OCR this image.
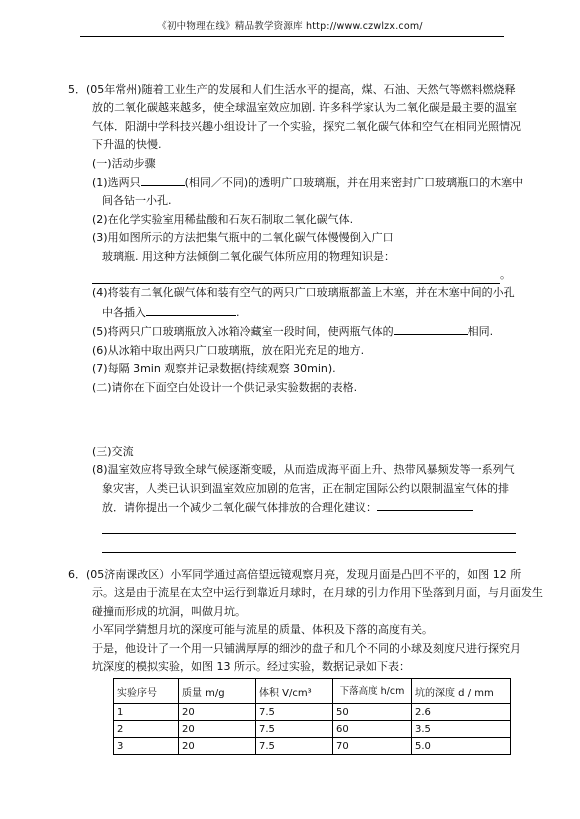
《初中物理在线》精品教学资源库 http://www.czwlzx.com/
5．(05年常州)随着工业生产的发展和人们生活水平的提高，煤、石油、天然气等燃料燃烧释
放的二氧化碳越来越多，使全球温室效应加剧. 许多科学家认为二氧化碳是最主要的温室
气体．阳湖中学科技兴趣小组设计了一个实验，探究二氧化碳气体和空气在相同光照情况
下升温的快慢.
(一)活动步骤
(1)选两只	(相同／不同)的透明广口玻璃瓶，并在用来密封广口玻璃瓶口的木塞中
间各钻一小孔.
(2)在化学实验室用稀盐酸和石灰石制取二氧化碳气体.
(3)用如图所示的方法把集气瓶中的二氧化碳气体慢慢倒入广口
玻璃瓶. 用这种方法倾倒二氧化碳气体所应用的物理知识是：
。
(4)将装有二氧化碳气体和装有空气的两只广口玻璃瓶都盖上木塞，并在木塞中间的小孔
中各插入	.
(5)将两只广口玻璃瓶放入冰箱冷藏室一段时间，使两瓶气体的	相同.
(6)从冰箱中取出两只广口玻璃瓶，放在阳光充足的地方.
(7)每隔 3min 观察并记录数据(持续观察 30min).
(二)请你在下面空白处设计一个供记录实验数据的表格.
(三)交流
(8)温室效应将导致全球气候逐渐变暖，从而造成海平面上升、热带风暴频发等一系列气
象灾害，人类已认识到温室效应加剧的危害，正在制定国际公约以限制温室气体的排
放．请你提出一个减少二氧化碳气体排放的合理化建议：
6．(05济南课改区）小军同学通过高倍望远镜观察月亮，发现月面是凸凹不平的，如图 12 所
示。这是由于流星在太空中运行到靠近月球时，在月球的引力作用下坠落到月面，与月面发生
碰撞而形成的坑洞，叫做月坑。
小军同学猜想月坑的深度可能与流星的质量、体积及下落的高度有关。
于是，他设计了一个用一只铺满厚厚的细沙的盘子和几个不同的小球及刻度尺进行探究月
坑深度的模拟实验，如图 13 所示。经过实验，数据记录如下表：
实验序号	质量 m/g	体积 V/cm³	下落高度 h/cm	坑的深度 d / mm
1	20	7.5	50	2.6
2	20	7.5	60	3.5
3	20	7.5	70	5.0
